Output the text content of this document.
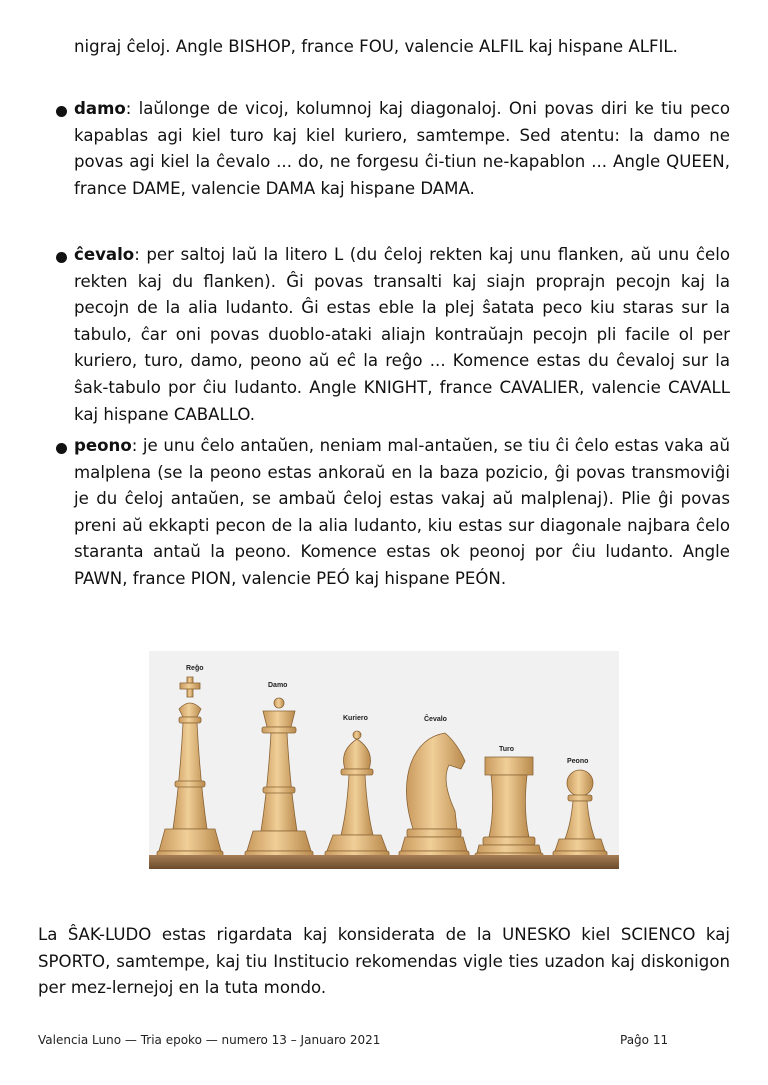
nigraj ĉeloj. Angle BISHOP, france FOU, valencie ALFIL kaj hispane ALFIL.

damo: laŭlonge de vicoj, kolumnoj kaj diagonaloj. Oni povas diri ke tiu peco kapablas agi kiel turo kaj kiel kuriero, samtempe. Sed atentu: la damo ne povas agi kiel la ĉevalo ... do, ne forgesu ĉi-tiun ne-kapablon ... Angle QUEEN, france DAME, valencie DAMA kaj hispane DAMA.
ĉevalo: per saltoj laŭ la litero L (du ĉeloj rekten kaj unu flanken, aŭ unu ĉelo rekten kaj du flanken). Ĝi povas transalti kaj siajn proprajn pecojn kaj la pecojn de la alia ludanto. Ĝi estas eble la plej ŝatata peco kiu staras sur la tabulo, ĉar oni povas duoblo-ataki aliajn kontraŭajn pecojn pli facile ol per kuriero, turo, damo, peono aŭ eĉ la reĝo ... Komence estas du ĉevaloj sur la ŝak-tabulo por ĉiu ludanto. Angle KNIGHT, france CAVALIER, valencie CAVALL kaj hispane CABALLO.
peono: je unu ĉelo antaŭen, neniam mal-antaŭen, se tiu ĉi ĉelo estas vaka aŭ malplena (se la peono estas ankoraŭ en la baza pozicio, ĝi povas transmoviĝi je du ĉeloj antaŭen, se ambaŭ ĉeloj estas vakaj aŭ malplenaj). Plie ĝi povas preni aŭ ekkapti pecon de la alia ludanto, kiu estas sur diagonale najbara ĉelo staranta antaŭ la peono. Komence estas ok peonoj por ĉiu ludanto. Angle PAWN, france PION, valencie PEÓ kaj hispane PEÓN.
Reĝo
Damo
Kuriero	Ĉevalo
Turo
Peono

La ŜAK-LUDO estas rigardata kaj konsiderata de la UNESKO kiel SCIENCO kaj SPORTO, samtempe, kaj tiu Institucio rekomendas vigle ties uzadon kaj diskonigon per mez-lernejoj en la tuta mondo.

Valencia Luno — Tria epoko — numero 13 – Januaro 2021	Paĝo 11
